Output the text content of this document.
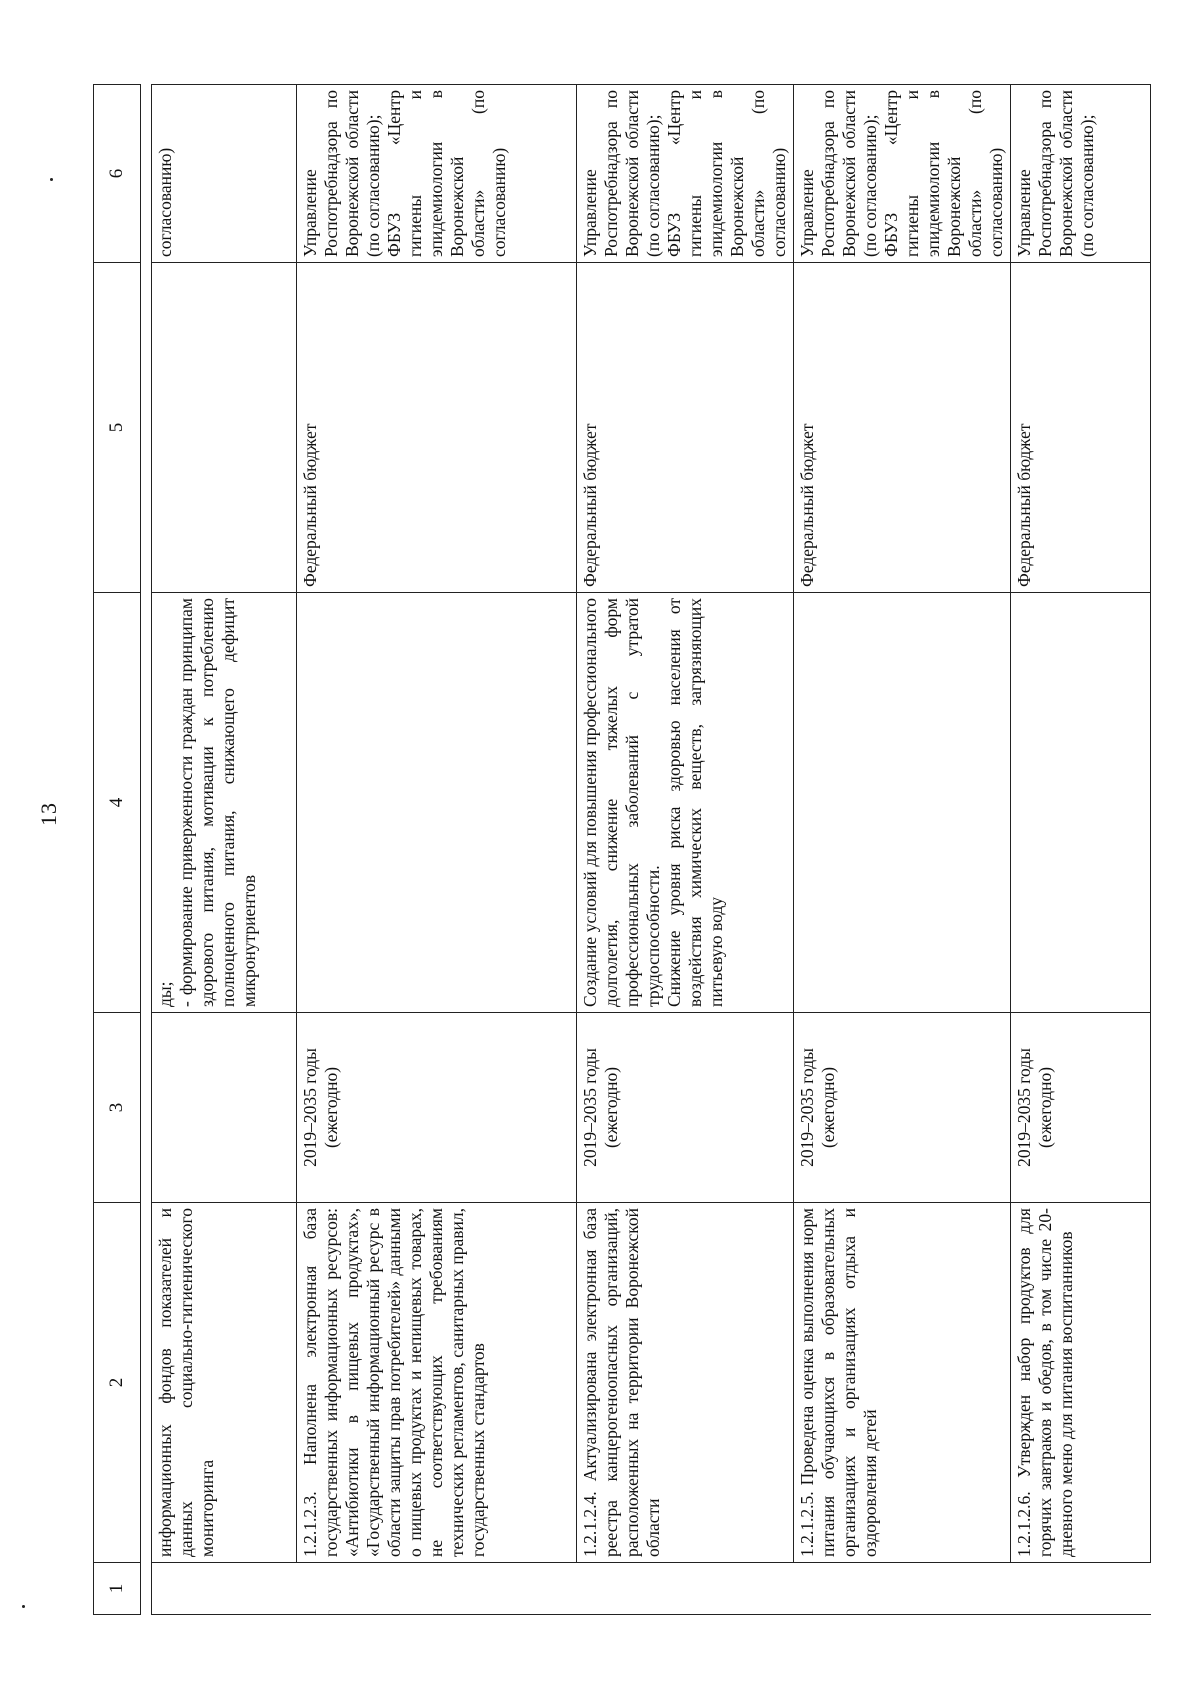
13
1	2	3	4	5	6

	информационных фондов показателей и данных социально-гигиенического мониторинга		ды;
- формирование приверженности граждан принципам здорового питания, мотивации к потреблению полноценного питания, снижающего дефицит микронутриентов		согласованию)
	1.2.1.2.3. Наполнена электронная база государственных информационных ресурсов: «Антибиотики в пищевых продуктах», «Государственный информационный ресурс в области защиты прав потребителей» данными о пищевых продуктах и непищевых товарах, не соответствующих требованиям технических регламентов, санитарных правил, государственных стандартов	2019–2035 годы (ежегодно)		Федеральный бюджет	Управление Роспотребнадзора по Воронежской области (по согласованию);
ФБУЗ «Центр гигиены и эпидемиологии в Воронежской области» (по согласованию)
	1.2.1.2.4. Актуализирована электронная база реестра канцерогеноопасных организаций, расположенных на территории Воронежской области	2019–2035 годы (ежегодно)	Создание условий для повышения профессионального долголетия, снижение тяжелых форм профессиональных заболеваний с утратой трудоспособности.
Снижение уровня риска здоровью населения от воздействия химических веществ, загрязняющих питьевую воду	Федеральный бюджет	Управление Роспотребнадзора по Воронежской области (по согласованию);
ФБУЗ «Центр гигиены и эпидемиологии в Воронежской области» (по согласованию)
	1.2.1.2.5. Проведена оценка выполнения норм питания обучающихся в образовательных организациях и организациях отдыха и оздоровления детей	2019–2035 годы (ежегодно)		Федеральный бюджет	Управление Роспотребнадзора по Воронежской области (по согласованию);
ФБУЗ «Центр гигиены и эпидемиологии в Воронежской области» (по согласованию)
	1.2.1.2.6. Утвержден набор продуктов для горячих завтраков и обедов, в том числе 20-дневного меню для питания воспитанников	2019–2035 годы (ежегодно)		Федеральный бюджет	Управление Роспотребнадзора по Воронежской области (по согласованию);
